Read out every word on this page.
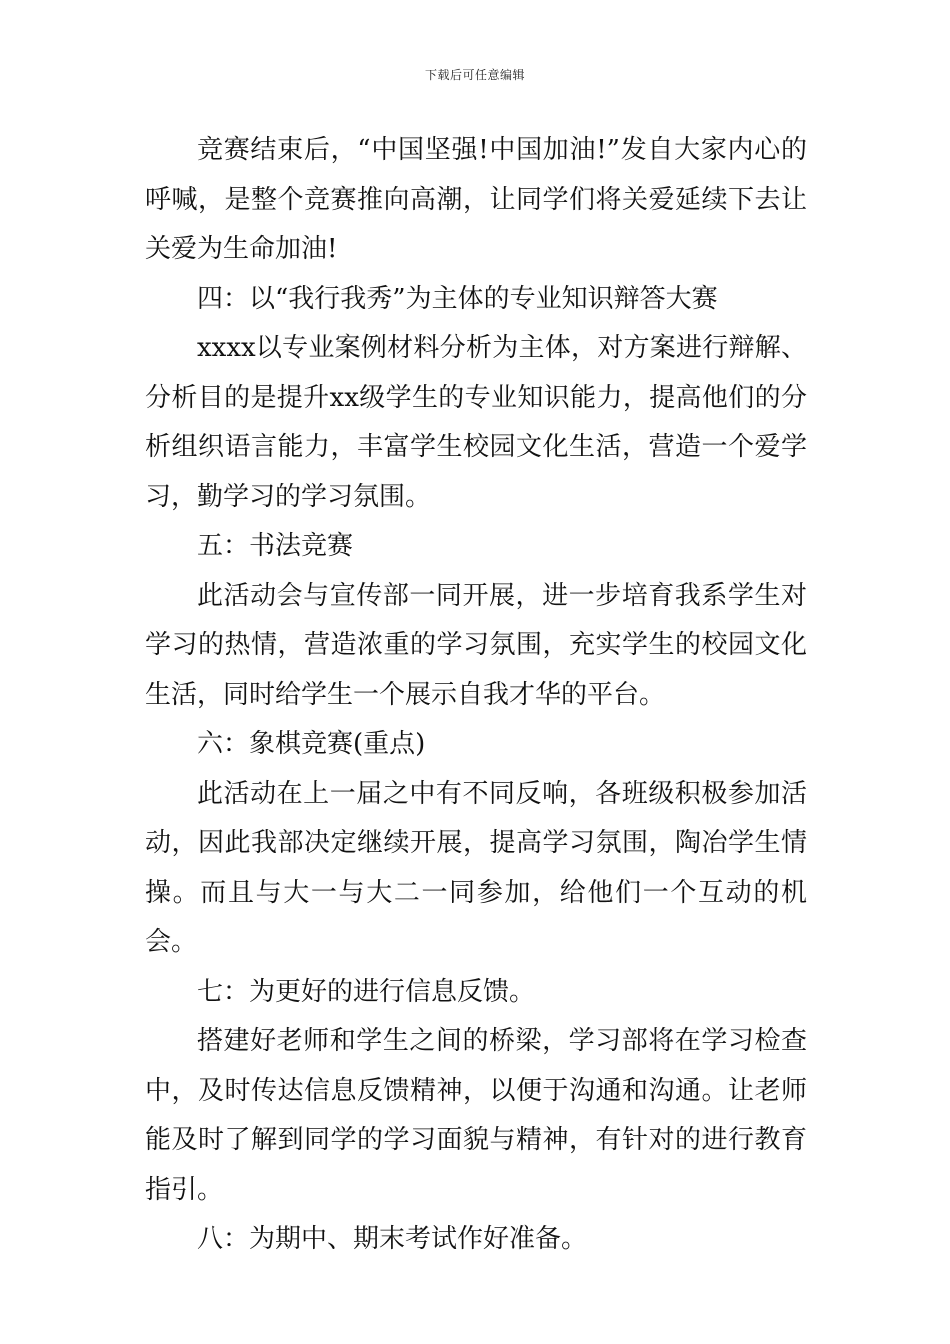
下载后可任意编辑

竞赛结束后，“中国坚强!中国加油!”发自大家内心的呼喊，是整个竞赛推向高潮，让同学们将关爱延续下去让关爱为生命加油!

四：以“我行我秀”为主体的专业知识辩答大赛

xxxx以专业案例材料分析为主体，对方案进行辩解、分析目的是提升xx级学生的专业知识能力，提高他们的分析组织语言能力，丰富学生校园文化生活，营造一个爱学习，勤学习的学习氛围。

五：书法竞赛

此活动会与宣传部一同开展，进一步培育我系学生对学习的热情，营造浓重的学习氛围，充实学生的校园文化生活，同时给学生一个展示自我才华的平台。

六：象棋竞赛(重点)

此活动在上一届之中有不同反响，各班级积极参加活动，因此我部决定继续开展，提高学习氛围，陶冶学生情操。而且与大一与大二一同参加，给他们一个互动的机会。

七：为更好的进行信息反馈。

搭建好老师和学生之间的桥梁，学习部将在学习检查中，及时传达信息反馈精神，以便于沟通和沟通。让老师能及时了解到同学的学习面貌与精神，有针对的进行教育指引。

八：为期中、期末考试作好准备。
